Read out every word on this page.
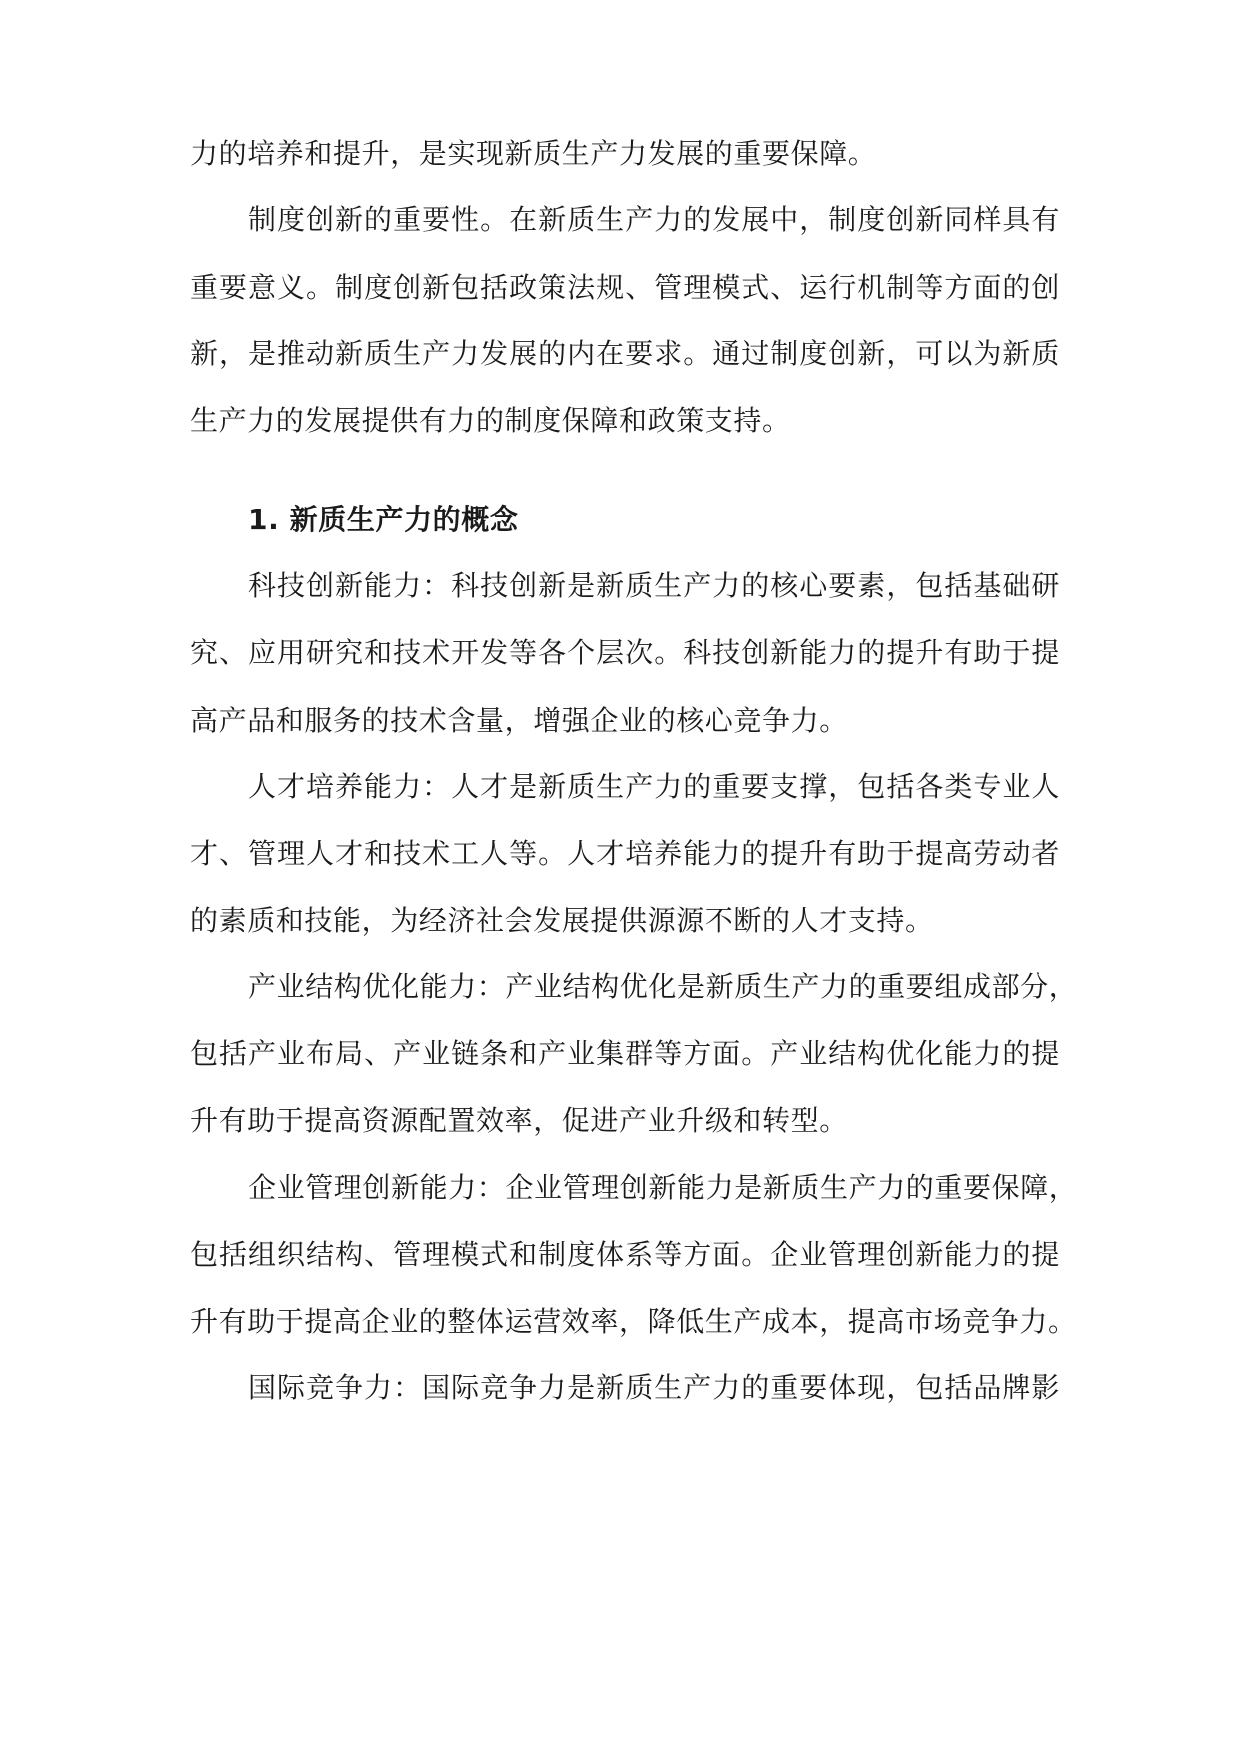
力的培养和提升，是实现新质生产力发展的重要保障。
制度创新的重要性。在新质生产力的发展中，制度创新同样具有
重要意义。制度创新包括政策法规、管理模式、运行机制等方面的创
新，是推动新质生产力发展的内在要求。通过制度创新，可以为新质
生产力的发展提供有力的制度保障和政策支持。
1. 新质生产力的概念
科技创新能力：科技创新是新质生产力的核心要素，包括基础研
究、应用研究和技术开发等各个层次。科技创新能力的提升有助于提
高产品和服务的技术含量，增强企业的核心竞争力。
人才培养能力：人才是新质生产力的重要支撑，包括各类专业人
才、管理人才和技术工人等。人才培养能力的提升有助于提高劳动者
的素质和技能，为经济社会发展提供源源不断的人才支持。
产业结构优化能力：产业结构优化是新质生产力的重要组成部分，
包括产业布局、产业链条和产业集群等方面。产业结构优化能力的提
升有助于提高资源配置效率，促进产业升级和转型。
企业管理创新能力：企业管理创新能力是新质生产力的重要保障，
包括组织结构、管理模式和制度体系等方面。企业管理创新能力的提
升有助于提高企业的整体运营效率，降低生产成本，提高市场竞争力。
国际竞争力：国际竞争力是新质生产力的重要体现，包括品牌影
